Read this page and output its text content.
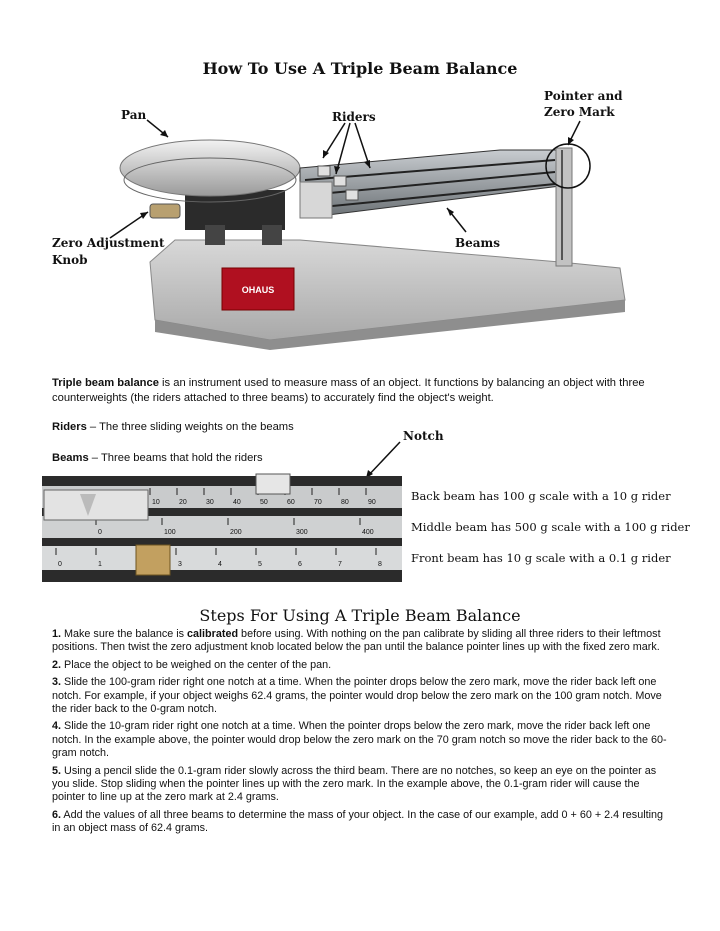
How To Use A Triple Beam Balance
OHAUS
Pan	Riders
Pointer and
Zero Mark
Zero Adjustment
Knob
Beams
Triple beam balance is an instrument used to measure mass of an object. It functions by balancing an object with three counterweights (the riders attached to three beams) to accurately find the object's weight.
Riders – The three sliding weights on the beams
Beams – Three beams that hold the riders
Notch
10	20	30	40	50	60	70	80	90
0	100	200	300	400
0	1	3	4	5	6	7	8
Back beam has 100 g scale with a 10 g rider
Middle beam has 500 g scale with a 100 g rider
Front beam has 10 g scale with a 0.1 g rider
Steps For Using A Triple Beam Balance

1. Make sure the balance is calibrated before using. With nothing on the pan calibrate by sliding all three riders to their leftmost positions. Then twist the zero adjustment knob located below the pan until the balance pointer lines up with the fixed zero mark.

2. Place the object to be weighed on the center of the pan.

3. Slide the 100-gram rider right one notch at a time. When the pointer drops below the zero mark, move the rider back left one notch. For example, if your object weighs 62.4 grams, the pointer would drop below the zero mark on the 100 gram notch. Move the rider back to the 0-gram notch.

4. Slide the 10-gram rider right one notch at a time. When the pointer drops below the zero mark, move the rider back left one notch. In the example above, the pointer would drop below the zero mark on the 70 gram notch so move the rider back to the 60-gram notch.

5. Using a pencil slide the 0.1-gram rider slowly across the third beam. There are no notches, so keep an eye on the pointer as you slide. Stop sliding when the pointer lines up with the zero mark. In the example above, the 0.1-gram rider will cause the pointer to line up at the zero mark at 2.4 grams.

6. Add the values of all three beams to determine the mass of your object. In the case of our example, add 0 + 60 + 2.4 resulting in an object mass of 62.4 grams.
